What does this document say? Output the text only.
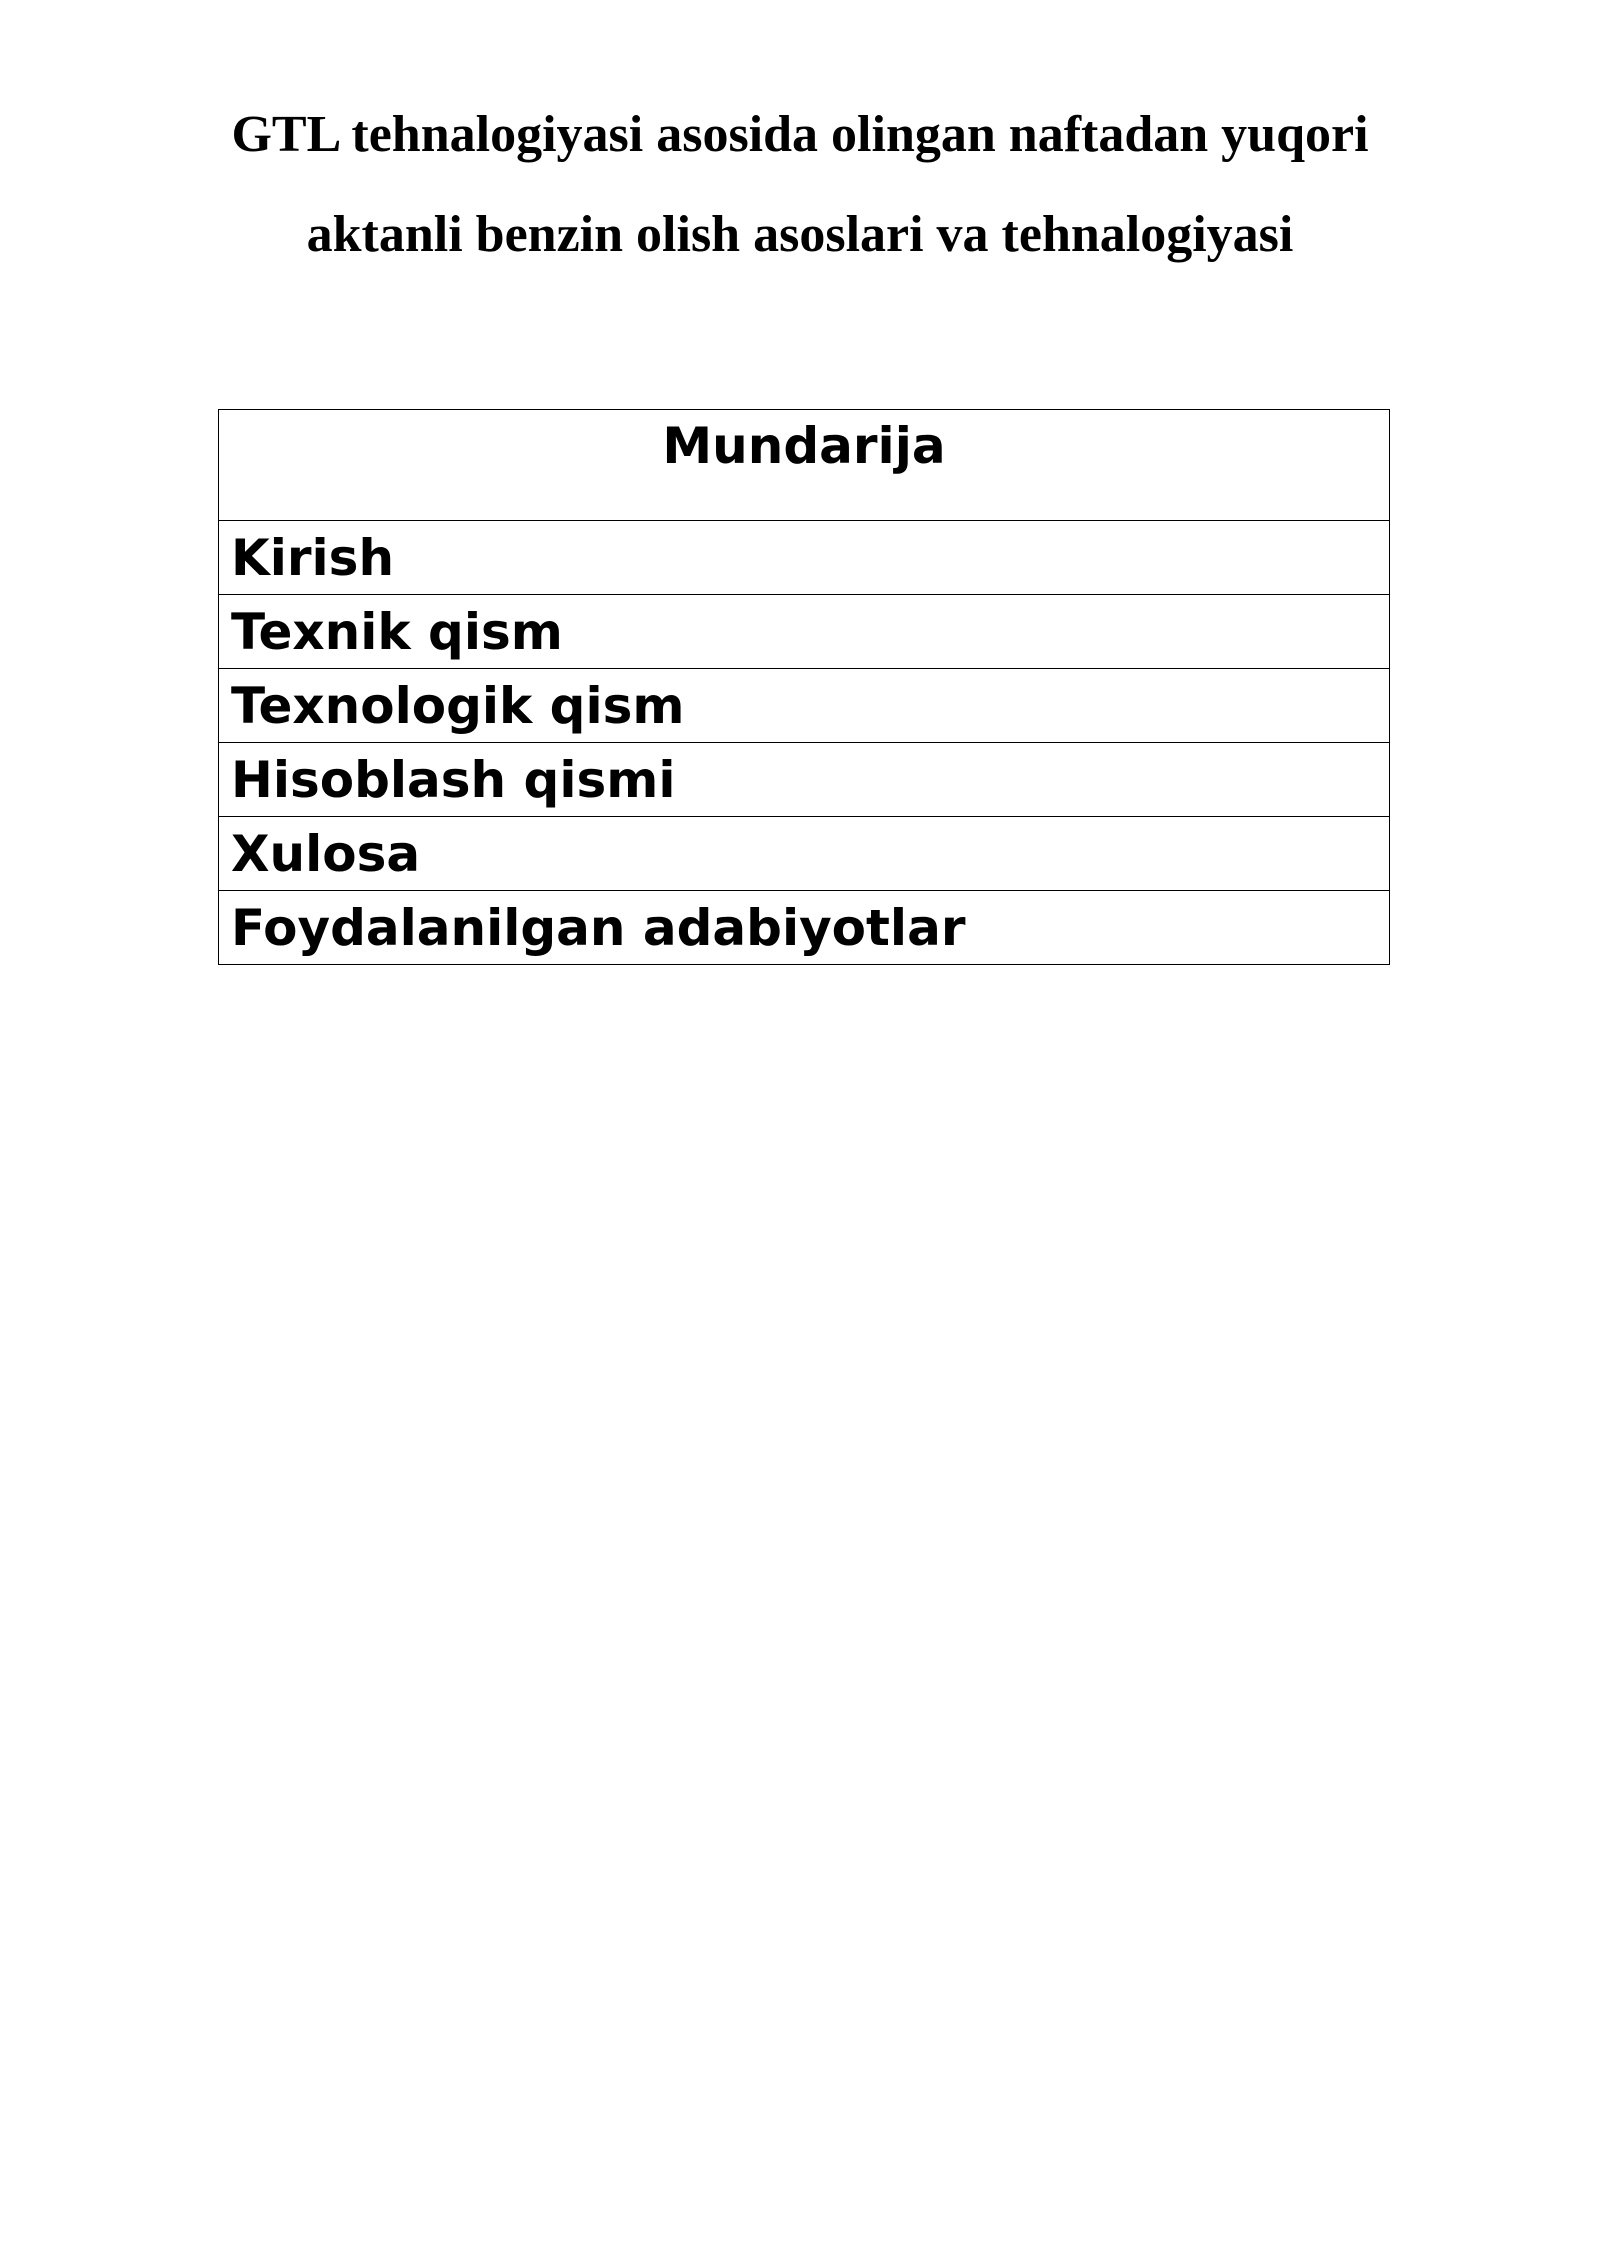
GTL tehnalogiyasi asosida olingan naftadan yuqori
aktanli benzin olish asoslari va tehnalogiyasi
Mundarija
Kirish
Texnik qism
Texnologik qism
Hisoblash qismi
Xulosa
Foydalanilgan adabiyotlar
